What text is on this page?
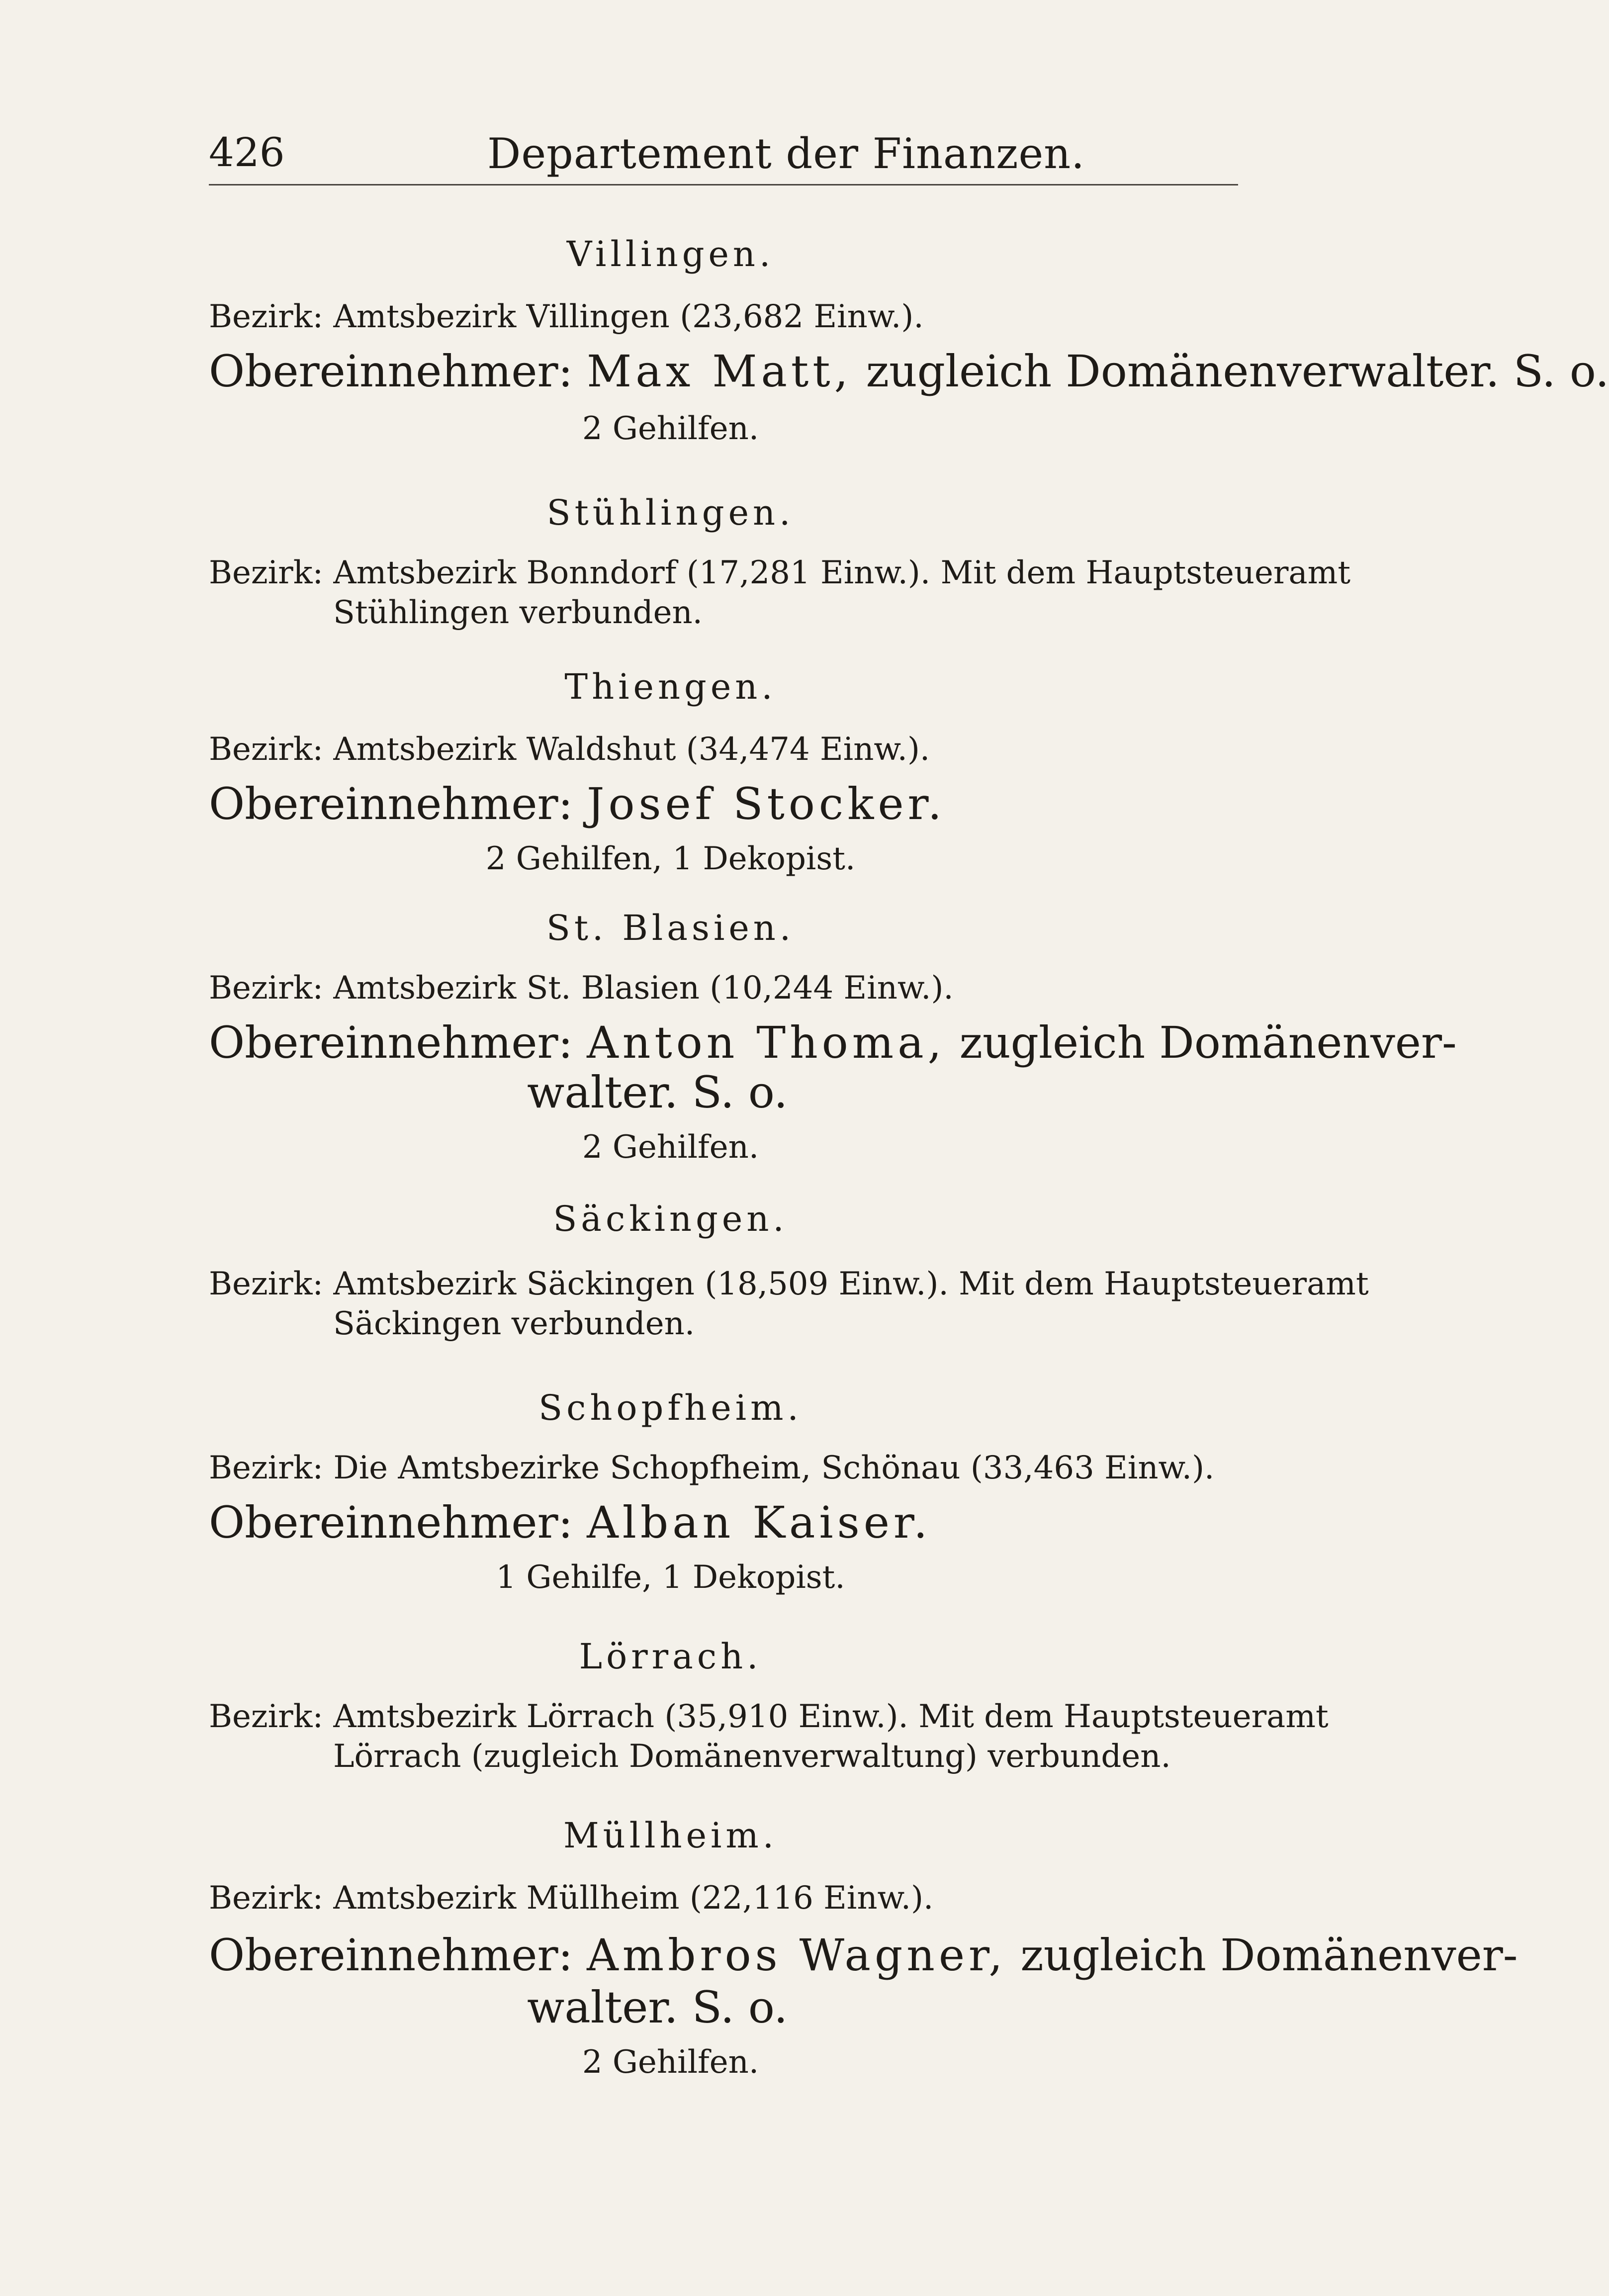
426	Departement der Finanzen.
Villingen.
Bezirk: Amtsbezirk Villingen (23,682 Einw.).
Obereinnehmer: Max Matt, zugleich Domänenverwalter. S. o.
2 Gehilfen.
Stühlingen.
Bezirk: Amtsbezirk Bonndorf (17,281 Einw.). Mit dem Hauptsteueramt
Stühlingen verbunden.
Thiengen.
Bezirk: Amtsbezirk Waldshut (34,474 Einw.).
Obereinnehmer: Josef Stocker.
2 Gehilfen, 1 Dekopist.
St. Blasien.
Bezirk: Amtsbezirk St. Blasien (10,244 Einw.).
Obereinnehmer: Anton Thoma, zugleich Domänenver-
walter. S. o.
2 Gehilfen.
Säckingen.
Bezirk: Amtsbezirk Säckingen (18,509 Einw.). Mit dem Hauptsteueramt
Säckingen verbunden.
Schopfheim.
Bezirk: Die Amtsbezirke Schopfheim, Schönau (33,463 Einw.).
Obereinnehmer: Alban Kaiser.
1 Gehilfe, 1 Dekopist.
Lörrach.
Bezirk: Amtsbezirk Lörrach (35,910 Einw.). Mit dem Hauptsteueramt
Lörrach (zugleich Domänenverwaltung) verbunden.
Müllheim.
Bezirk: Amtsbezirk Müllheim (22,116 Einw.).
Obereinnehmer: Ambros Wagner, zugleich Domänenver-
walter. S. o.
2 Gehilfen.
